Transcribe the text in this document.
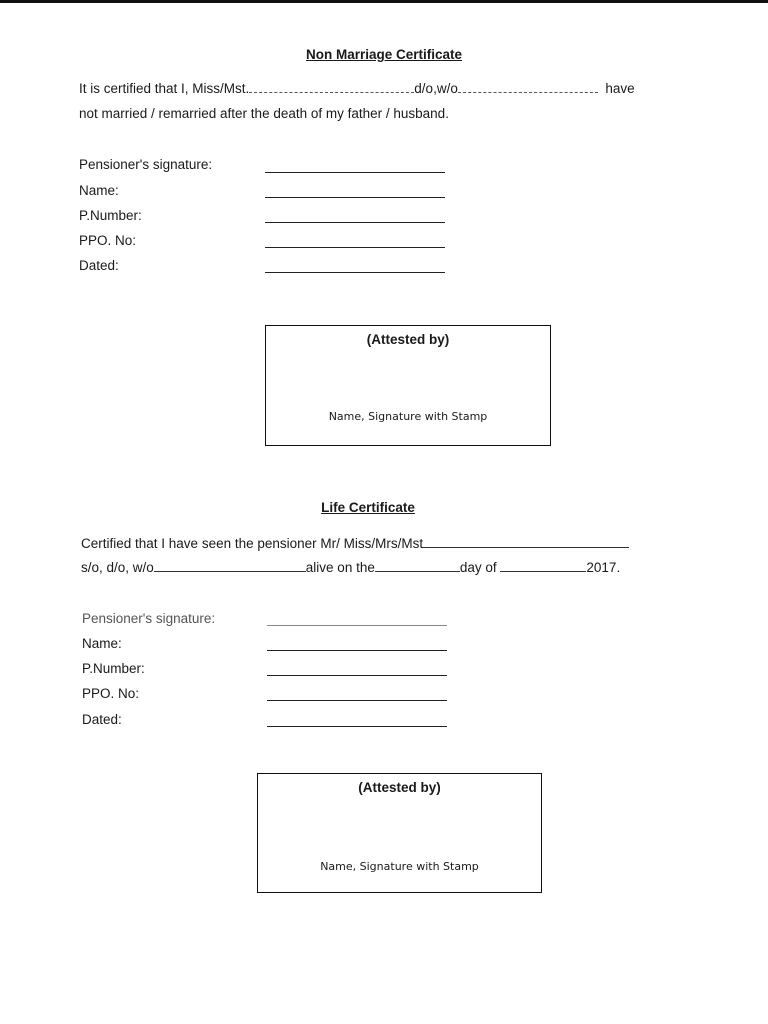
Non Marriage Certificate
It is certified that I, Miss/Mst.	d/o,w/o	have
not married / remarried after the death of my father / husband.
Pensioner's signature:
Name:
P.Number:
PPO. No:
Dated:
(Attested by)
Name, Signature with Stamp
Life Certificate
Certified that I have seen the pensioner Mr/ Miss/Mrs/Mst
s/o, d/o, w/o	alive on the	day of	2017.
Pensioner's signature:
Name:
P.Number:
PPO. No:
Dated:
(Attested by)
Name, Signature with Stamp
